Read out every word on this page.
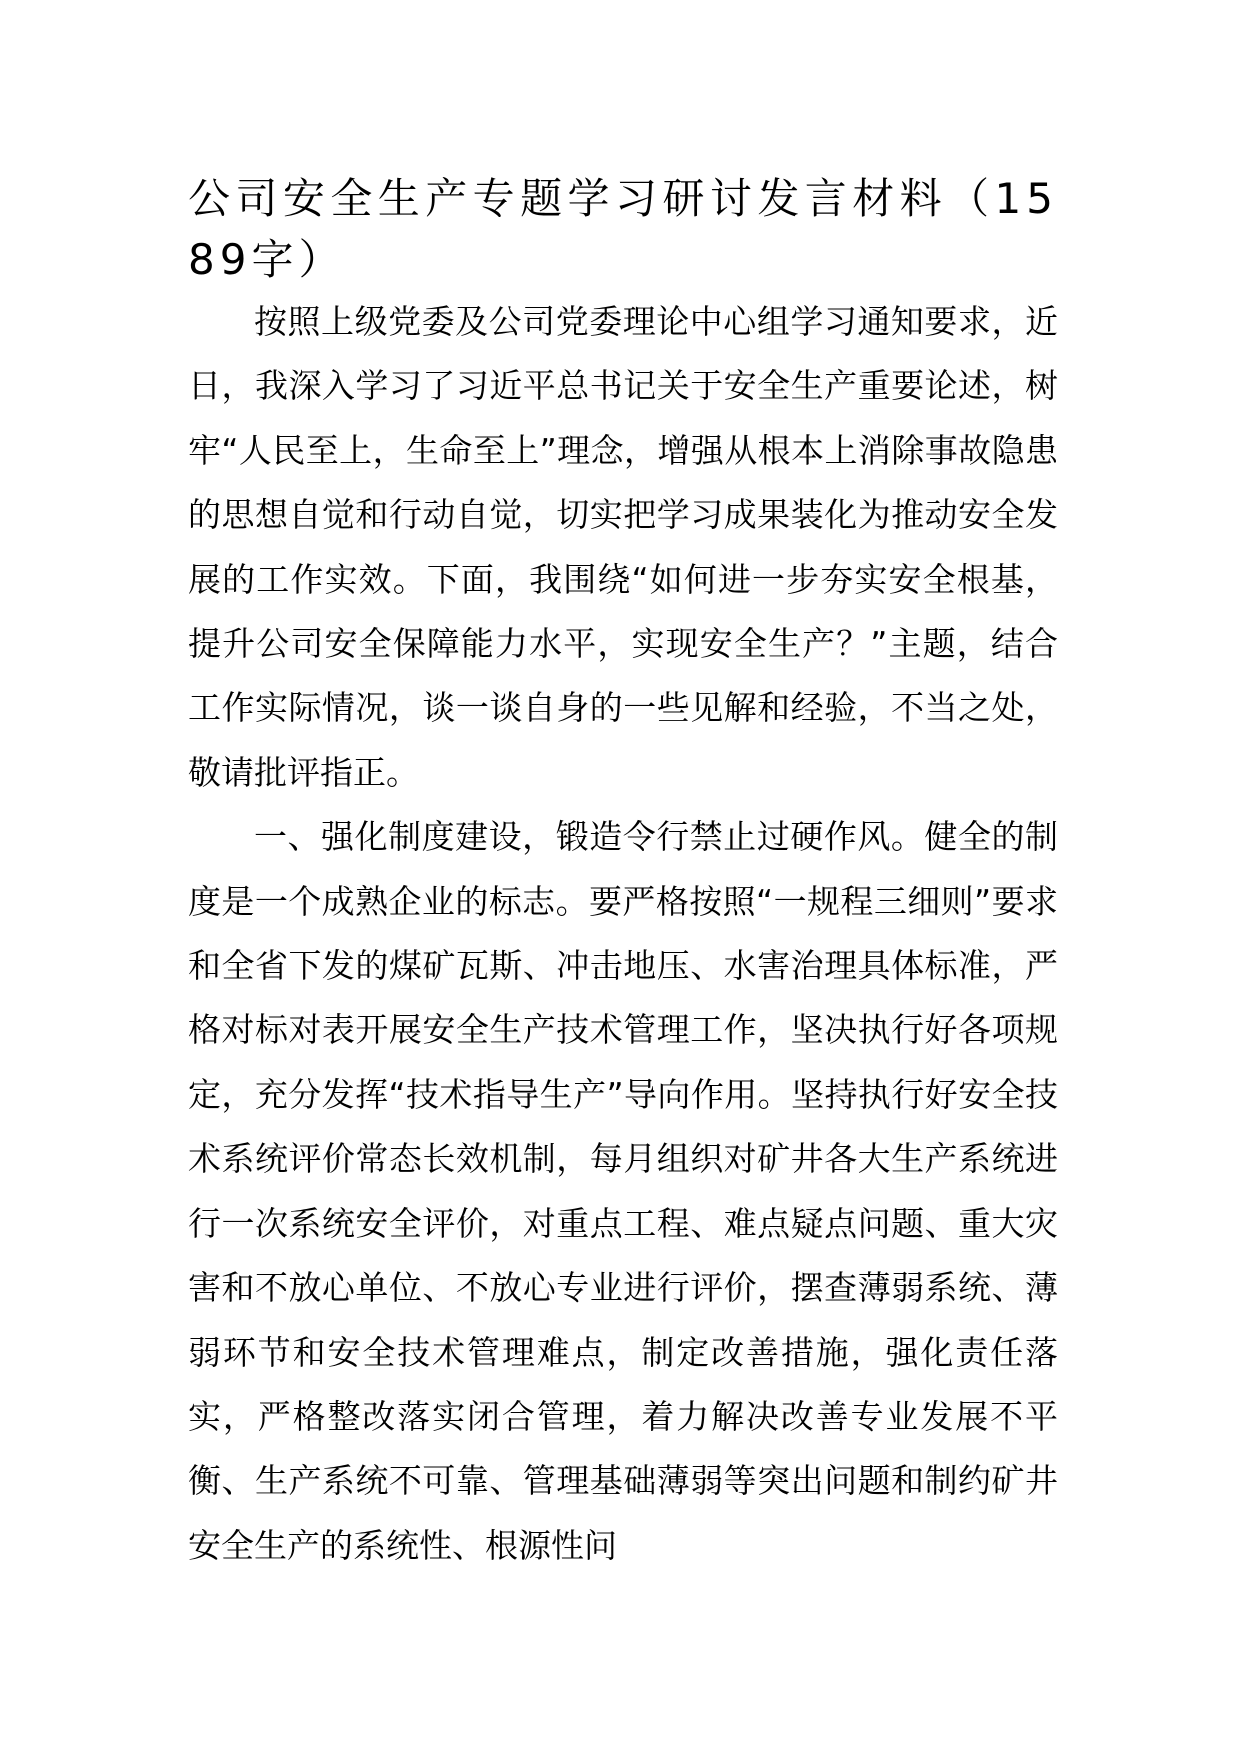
公司安全生产专题学习研讨发言材料（1589字）

按照上级党委及公司党委理论中心组学习通知要求，近日，我深入学习了习近平总书记关于安全生产重要论述，树牢“人民至上，生命至上”理念，增强从根本上消除事故隐患的思想自觉和行动自觉，切实把学习成果装化为推动安全发展的工作实效。下面，我围绕“如何进一步夯实安全根基，提升公司安全保障能力水平，实现安全生产？”主题，结合工作实际情况，谈一谈自身的一些见解和经验，不当之处，敬请批评指正。

一、强化制度建设，锻造令行禁止过硬作风。健全的制度是一个成熟企业的标志。要严格按照“一规程三细则”要求和全省下发的煤矿瓦斯、冲击地压、水害治理具体标准，严格对标对表开展安全生产技术管理工作，坚决执行好各项规定，充分发挥“技术指导生产”导向作用。坚持执行好安全技术系统评价常态长效机制，每月组织对矿井各大生产系统进行一次系统安全评价，对重点工程、难点疑点问题、重大灾害和不放心单位、不放心专业进行评价，摆查薄弱系统、薄弱环节和安全技术管理难点，制定改善措施，强化责任落实，严格整改落实闭合管理，着力解决改善专业发展不平衡、生产系统不可靠、管理基础薄弱等突出问题和制约矿井安全生产的系统性、根源性问
